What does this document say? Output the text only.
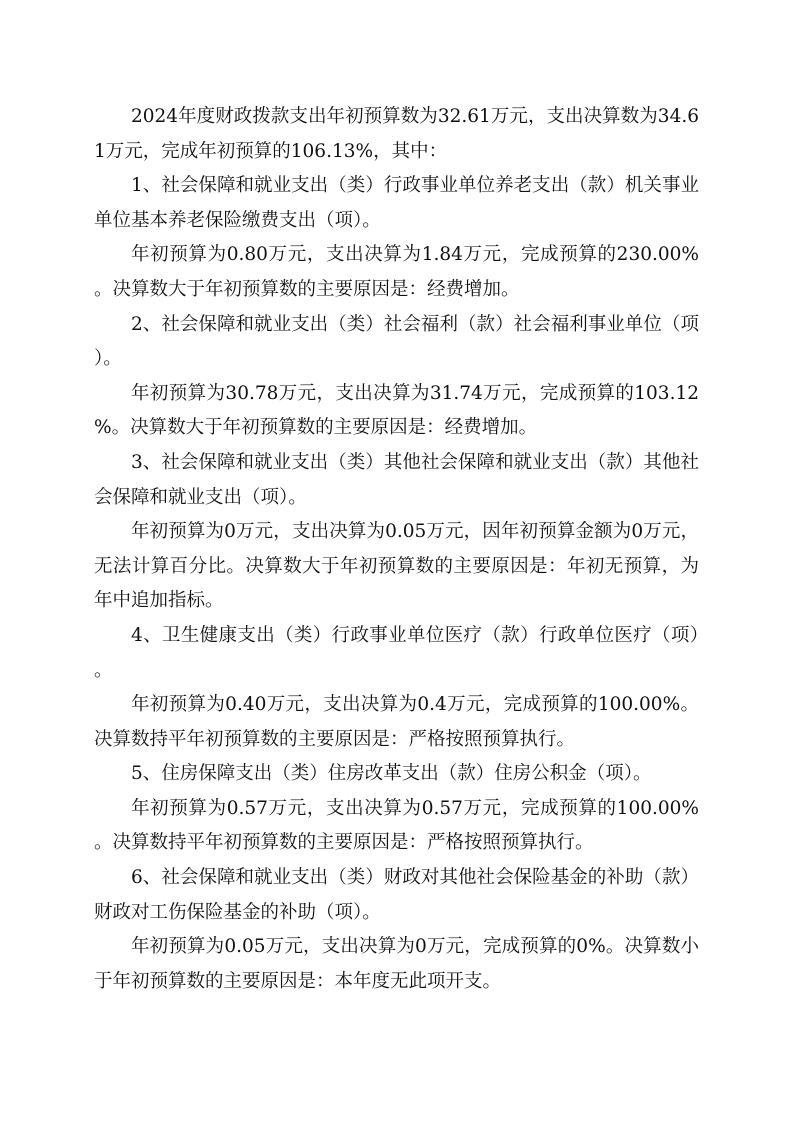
2024年度财政拨款支出年初预算数为32.61万元，支出决算数为34.61万元，完成年初预算的106.13%，其中：

1、社会保障和就业支出（类）行政事业单位养老支出（款）机关事业单位基本养老保险缴费支出（项）。

年初预算为0.80万元，支出决算为1.84万元，完成预算的230.00%。决算数大于年初预算数的主要原因是：经费增加。

2、社会保障和就业支出（类）社会福利（款）社会福利事业单位（项）。

年初预算为30.78万元，支出决算为31.74万元，完成预算的103.12%。决算数大于年初预算数的主要原因是：经费增加。

3、社会保障和就业支出（类）其他社会保障和就业支出（款）其他社会保障和就业支出（项）。

年初预算为0万元，支出决算为0.05万元，因年初预算金额为0万元，无法计算百分比。决算数大于年初预算数的主要原因是：年初无预算，为年中追加指标。

4、卫生健康支出（类）行政事业单位医疗（款）行政单位医疗（项）。

年初预算为0.40万元，支出决算为0.4万元，完成预算的100.00%。决算数持平年初预算数的主要原因是：严格按照预算执行。

5、住房保障支出（类）住房改革支出（款）住房公积金（项）。

年初预算为0.57万元，支出决算为0.57万元，完成预算的100.00%。决算数持平年初预算数的主要原因是：严格按照预算执行。

6、社会保障和就业支出（类）财政对其他社会保险基金的补助（款）财政对工伤保险基金的补助（项）。

年初预算为0.05万元，支出决算为0万元，完成预算的0%。决算数小于年初预算数的主要原因是：本年度无此项开支。
